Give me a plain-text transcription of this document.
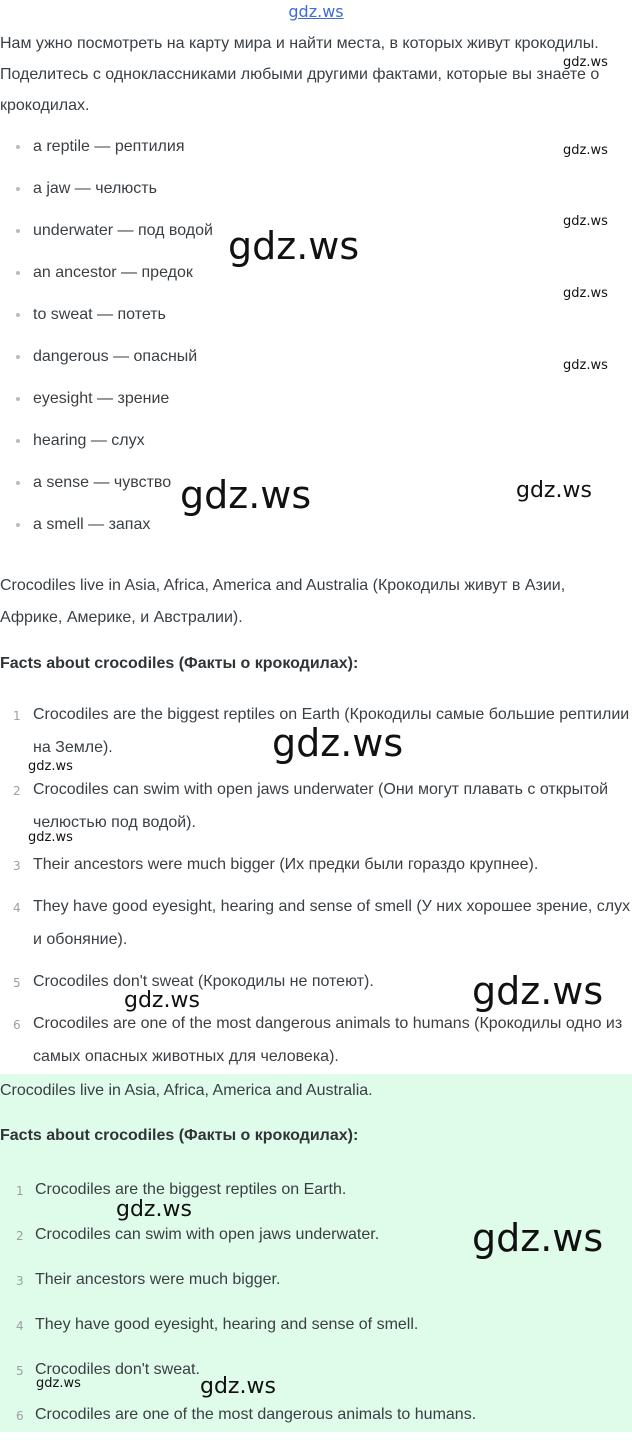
gdz.ws

Нам ужно посмотреть на карту мира и найти места, в которых живут крокодилы. Поделитесь с одноклассниками любыми другими фактами, которые вы знаете о крокодилах.

a reptile — рептилия
a jaw — челюсть
underwater — под водой
an ancestor — предок
to sweat — потеть
dangerous — опасный
eyesight — зрение
hearing — слух
a sense — чувство
a smell — запах

Crocodiles live in Asia, Africa, America and Australia (Крокодилы живут в Азии, Африке, Америке, и Австралии).

Facts about crocodiles (Факты о крокодилах):
1 Crocodiles are the biggest reptiles on Earth (Крокодилы самые большие рептилии на Земле).
2 Crocodiles can swim with open jaws underwater (Они могут плавать с открытой челюстью под водой).
3 Their ancestors were much bigger (Их предки были гораздо крупнее).
4 They have good eyesight, hearing and sense of smell (У них хорошее зрение, слух и обоняние).
5 Crocodiles don't sweat (Крокодилы не потеют).
6 Crocodiles are one of the most dangerous animals to humans (Крокодилы одно из самых опасных животных для человека).

Crocodiles live in Asia, Africa, America and Australia.

Facts about crocodiles (Факты о крокодилах):
1 Crocodiles are the biggest reptiles on Earth.
2 Crocodiles can swim with open jaws underwater.
3 Their ancestors were much bigger.
4 They have good eyesight, hearing and sense of smell.
5 Crocodiles don't sweat.
6 Crocodiles are one of the most dangerous animals to humans.
gdz.ws
gdz.ws
gdz.ws
gdz.ws
gdz.ws
gdz.ws
gdz.ws	gdz.ws
gdz.ws
gdz.ws
gdz.ws
gdz.ws
gdz.ws
gdz.ws
gdz.ws
gdz.ws	gdz.ws
